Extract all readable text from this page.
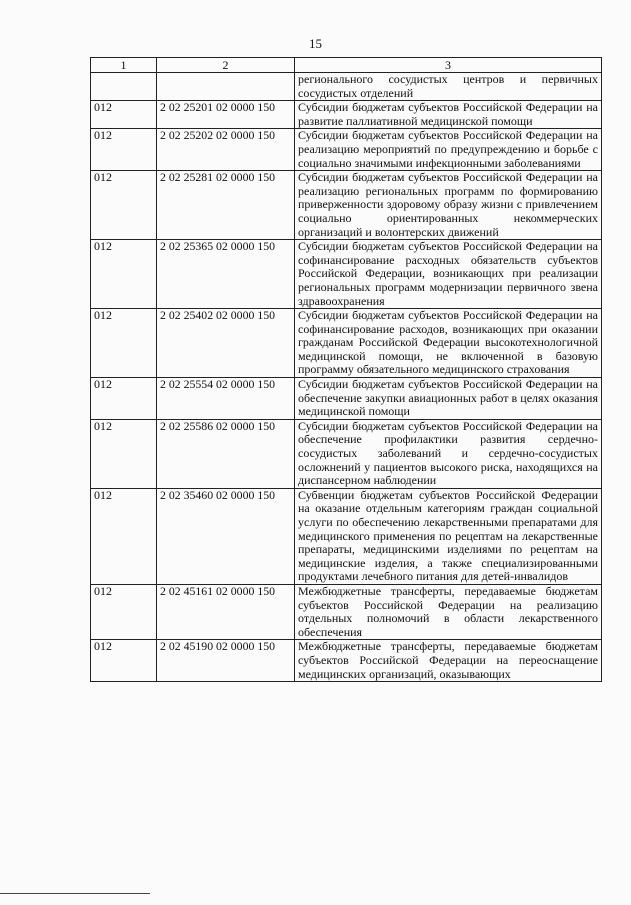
15
1	2	3
		регионального сосудистых центров и первичных сосудистых отделений
012	2 02 25201 02 0000 150	Субсидии бюджетам субъектов Российской Федерации на развитие паллиативной медицинской помощи
012	2 02 25202 02 0000 150	Субсидии бюджетам субъектов Российской Федерации на реализацию мероприятий по предупреждению и борьбе с социально значимыми инфекционными заболеваниями
012	2 02 25281 02 0000 150	Субсидии бюджетам субъектов Российской Федерации на реализацию региональных программ по формированию приверженности здоровому образу жизни с привлечением социально ориентированных некоммерческих организаций и волонтерских движений
012	2 02 25365 02 0000 150	Субсидии бюджетам субъектов Российской Федерации на софинансирование расходных обязательств субъектов Российской Федерации, возникающих при реализации региональных программ модернизации первичного звена здравоохранения
012	2 02 25402 02 0000 150	Субсидии бюджетам субъектов Российской Федерации на софинансирование расходов, возникающих при оказании гражданам Российской Федерации высокотехнологичной медицинской помощи, не включенной в базовую программу обязательного медицинского страхования
012	2 02 25554 02 0000 150	Субсидии бюджетам субъектов Российской Федерации на обеспечение закупки авиационных работ в целях оказания медицинской помощи
012	2 02 25586 02 0000 150	Субсидии бюджетам субъектов Российской Федерации на обеспечение профилактики развития сердечно-сосудистых заболеваний и сердечно-сосудистых осложнений у пациентов высокого риска, находящихся на диспансерном наблюдении
012	2 02 35460 02 0000 150	Субвенции бюджетам субъектов Российской Федерации на оказание отдельным категориям граждан социальной услуги по обеспечению лекарственными препаратами для медицинского применения по рецептам на лекарственные препараты, медицинскими изделиями по рецептам на медицинские изделия, а также специализированными продуктами лечебного питания для детей-инвалидов
012	2 02 45161 02 0000 150	Межбюджетные трансферты, передаваемые бюджетам субъектов Российской Федерации на реализацию отдельных полномочий в области лекарственного обеспечения
012	2 02 45190 02 0000 150	Межбюджетные трансферты, передаваемые бюджетам субъектов Российской Федерации на переоснащение медицинских организаций, оказывающих
